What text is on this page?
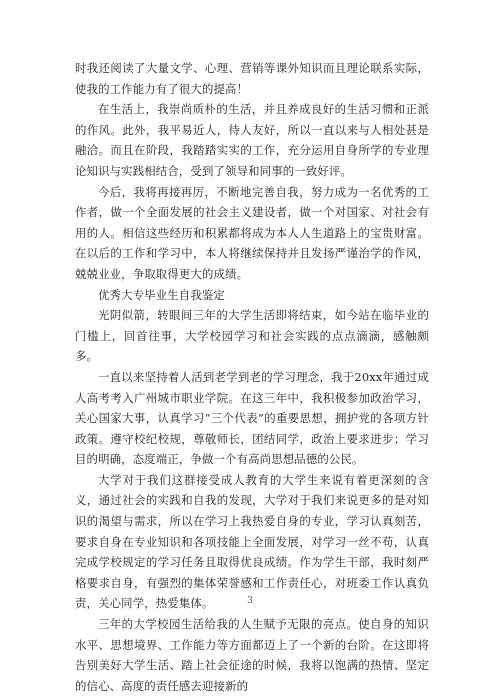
时我还阅读了大量文学、心理、营销等课外知识而且理论联系实际，使我的工作能力有了很大的提高！

在生活上，我崇尚质朴的生活，并且养成良好的生活习惯和正派的作风。此外，我平易近人，待人友好，所以一直以来与人相处甚是融洽。而且在阶段，我踏踏实实的工作，充分运用自身所学的专业理论知识与实践相结合，受到了领导和同事的一致好评。

今后，我将再接再厉，不断地完善自我，努力成为一名优秀的工作者，做一个全面发展的社会主义建设者，做一个对国家、对社会有用的人。相信这些经历和积累都将成为本人人生道路上的宝贵财富。在以后的工作和学习中，本人将继续保持并且发扬严谨治学的作风，兢兢业业，争取取得更大的成绩。

优秀大专毕业生自我鉴定

光阴似箭，转眼间三年的大学生活即将结束，如今站在临毕业的门槛上，回首往事，大学校园学习和社会实践的点点滴滴，感触颇多。

一直以来坚持着人活到老学到老的学习理念，我于20xx年通过成人高考考入广州城市职业学院。在这三年中，我积极参加政治学习，关心国家大事，认真学习“三个代表”的重要思想，拥护党的各项方针政策。遵守校纪校规，尊敬师长，团结同学，政治上要求进步；学习目的明确，态度端正，争做一个有高尚思想品德的公民。

大学对于我们这群接受成人教育的大学生来说有着更深刻的含义，通过社会的实践和自我的发现，大学对于我们来说更多的是对知识的渴望与需求，所以在学习上我热爱自身的专业，学习认真刻苦，要求自身在专业知识和各项技能上全面发展，对学习一丝不苟，认真完成学校规定的学习任务且取得优良成绩。作为学生干部，我时刻严格要求自身，有强烈的集体荣誉感和工作责任心，对班委工作认真负责，关心同学，热爱集体。

三年的大学校园生活给我的人生赋予无限的亮点。使自身的知识水平、思想境界、工作能力等方面都迈上了一个新的台阶。在这即将告别美好大学生活、踏上社会征途的时候，我将以饱满的热情、坚定的信心、高度的责任感去迎接新的

3
